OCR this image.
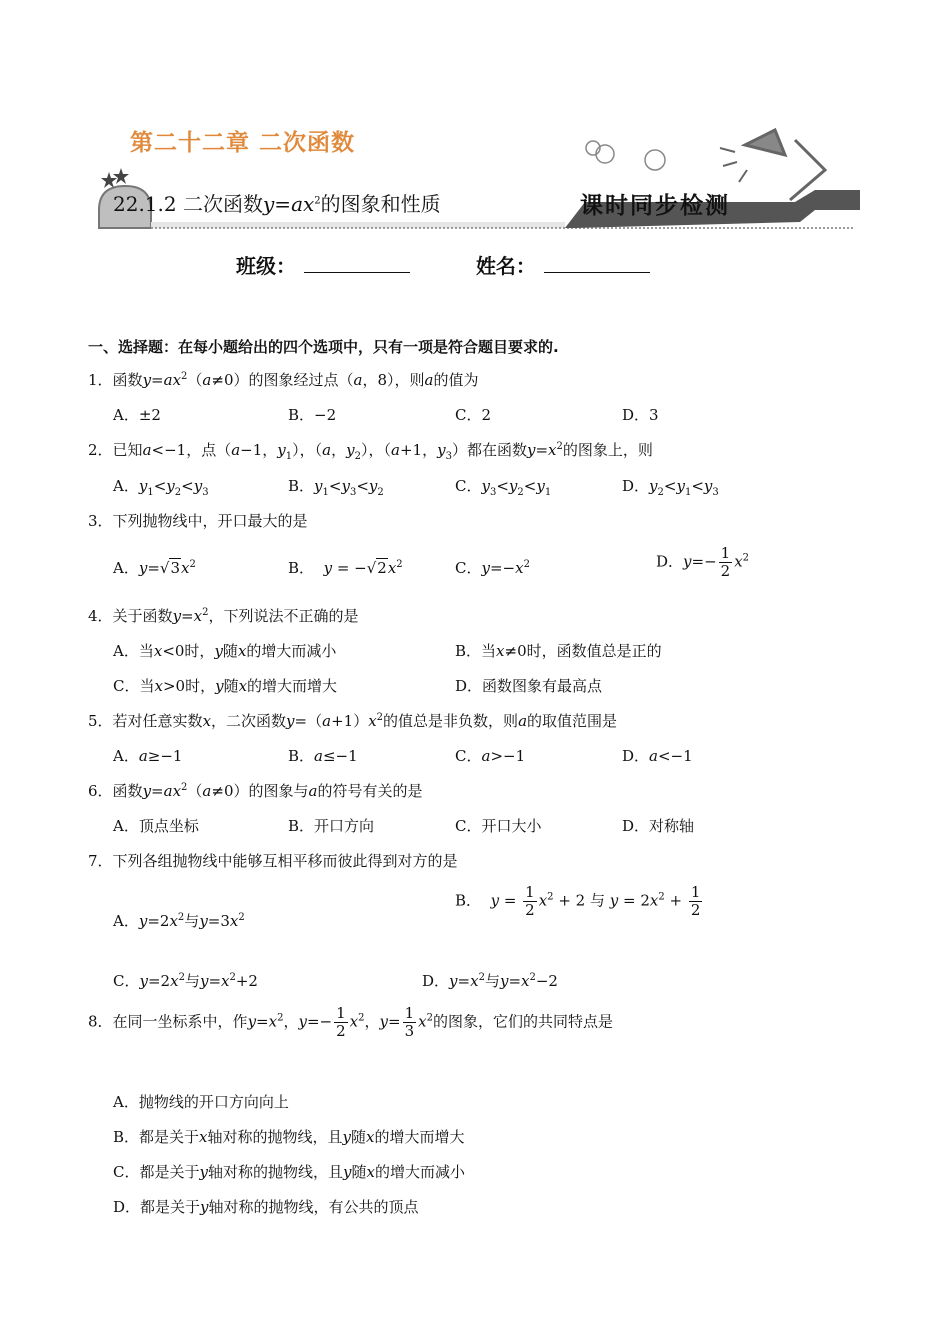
第二十二章 二次函数
22.1.2 二次函数$y=ax^2$的图象和性质	课时同步检测
班级：	姓名：
一、选择题：在每小题给出的四个选项中，只有一项是符合题目要求的.
1．函数$y=ax^2(a\ne 0)$的图象经过点（a，8），则a的值为
A．±2	B．−2	C．2	D．3
2．已知a<−1，点（a−1，$y_1$），（a，$y_2$），（a+1，$y_3$）都在函数$y=x^2$的图象上，则
A．$y_1<y_2<y_3$	B．$y_1<y_3<y_2$	C．$y_3<y_2<y_1$	D．$y_2<y_1<y_3$
3．下列抛物线中，开口最大的是
A．$y=√3x^2$	B．  $y = -√2x^2$	C．$y=-x^2$	D．$y=- \frac{1}{2} x^2$
4．关于函数$y=x^2$，下列说法不正确的是
A．当x<0时，y随x的增大而减小	B．当x≠0时，函数值总是正的
C．当x>0时，y随x的增大而增大	D．函数图象有最高点
5．若对任意实数x，二次函数$y=(a+1)x^2$的值总是非负数，则a的取值范围是
A．a≥−1	B．a≤−1	C．a>−1	D．a<−1
6．函数$y=ax^2(a\ne 0)$的图象与a的符号有关的是
A．顶点坐标	B．开口方向	C．开口大小	D．对称轴
7．下列各组抛物线中能够互相平移而彼此得到对方的是
A．$y=2x^2$与$y=3x^2$
B．  $y = \frac{1}{2} x^2 + 2$ 与 $y = 2x^2 + \frac{1}{2}$
C．$y=2x^2$与$y=x^2+2$	D．$y=x^2$与$y=x^2-2$
8．在同一坐标系中，作$y=x^2$，$y=- \frac{1}{2} x^2$，$y= \frac{1}{3} x^2$的图象，它们的共同特点是
A．抛物线的开口方向向上
B．都是关于x轴对称的抛物线，且y随x的增大而增大
C．都是关于y轴对称的抛物线，且y随x的增大而减小
D．都是关于y轴对称的抛物线，有公共的顶点
